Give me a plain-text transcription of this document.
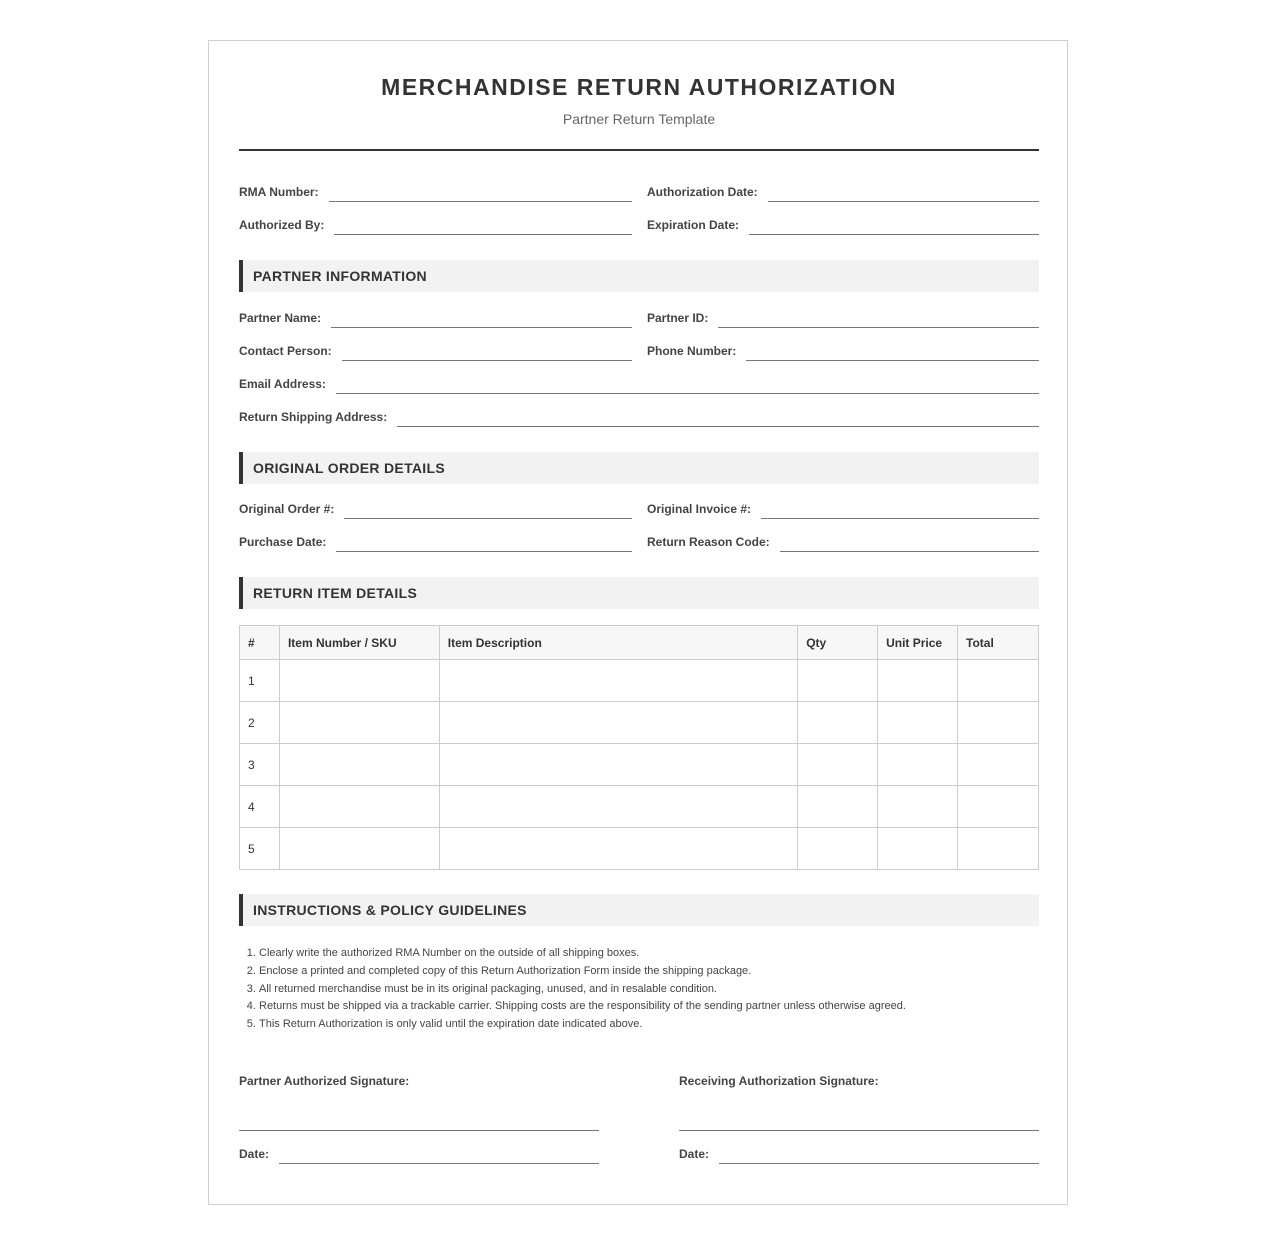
MERCHANDISE RETURN AUTHORIZATION
Partner Return Template
RMA Number:	Authorization Date:
Authorized By:	Expiration Date:
PARTNER INFORMATION
Partner Name:	Partner ID:
Contact Person:	Phone Number:
Email Address:
Return Shipping Address:
ORIGINAL ORDER DETAILS
Original Order #:	Original Invoice #:
Purchase Date:	Return Reason Code:
RETURN ITEM DETAILS
#	Item Number / SKU	Item Description	Qty	Unit Price	Total
1					
2					
3					
4					
5					
INSTRUCTIONS & POLICY GUIDELINES
1. Clearly write the authorized RMA Number on the outside of all shipping boxes.
2. Enclose a printed and completed copy of this Return Authorization Form inside the shipping package.
3. All returned merchandise must be in its original packaging, unused, and in resalable condition.
4. Returns must be shipped via a trackable carrier. Shipping costs are the responsibility of the sending partner unless otherwise agreed.
5. This Return Authorization is only valid until the expiration date indicated above.
Partner Authorized Signature:	Receiving Authorization Signature:
Date:	Date:
